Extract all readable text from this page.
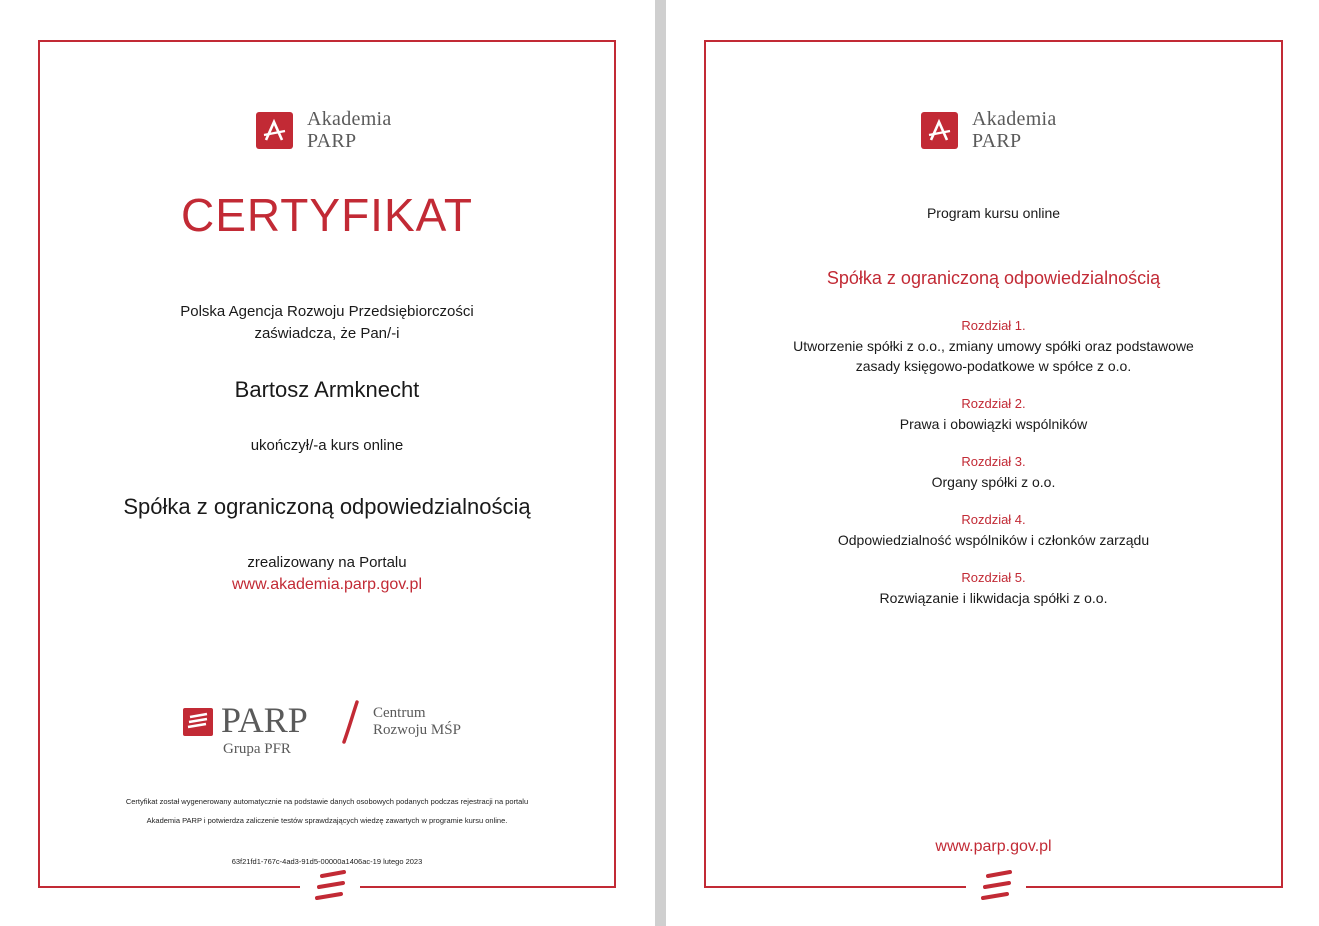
Akademia
PARP
CERTYFIKAT
Polska Agencja Rozwoju Przedsiębiorczości
zaświadcza, że Pan/-i
Bartosz Armknecht
ukończył/-a kurs online
Spółka z ograniczoną odpowiedzialnością
zrealizowany na Portalu
www.akademia.parp.gov.pl
PARP
Grupa PFR
Centrum
Rozwoju MŚP
Certyfikat został wygenerowany automatycznie na podstawie danych osobowych podanych podczas rejestracji na portalu
Akademia PARP i potwierdza zaliczenie testów sprawdzających wiedzę zawartych w programie kursu online.
63f21fd1-767c-4ad3-91d5-00000a1406ac-19 lutego 2023
Akademia
PARP
Program kursu online
Spółka z ograniczoną odpowiedzialnością
Rozdział 1.
Utworzenie spółki z o.o., zmiany umowy spółki oraz podstawowe
zasady księgowo-podatkowe w spółce z o.o.
Rozdział 2.
Prawa i obowiązki wspólników
Rozdział 3.
Organy spółki z o.o.
Rozdział 4.
Odpowiedzialność wspólników i członków zarządu
Rozdział 5.
Rozwiązanie i likwidacja spółki z o.o.
www.parp.gov.pl
